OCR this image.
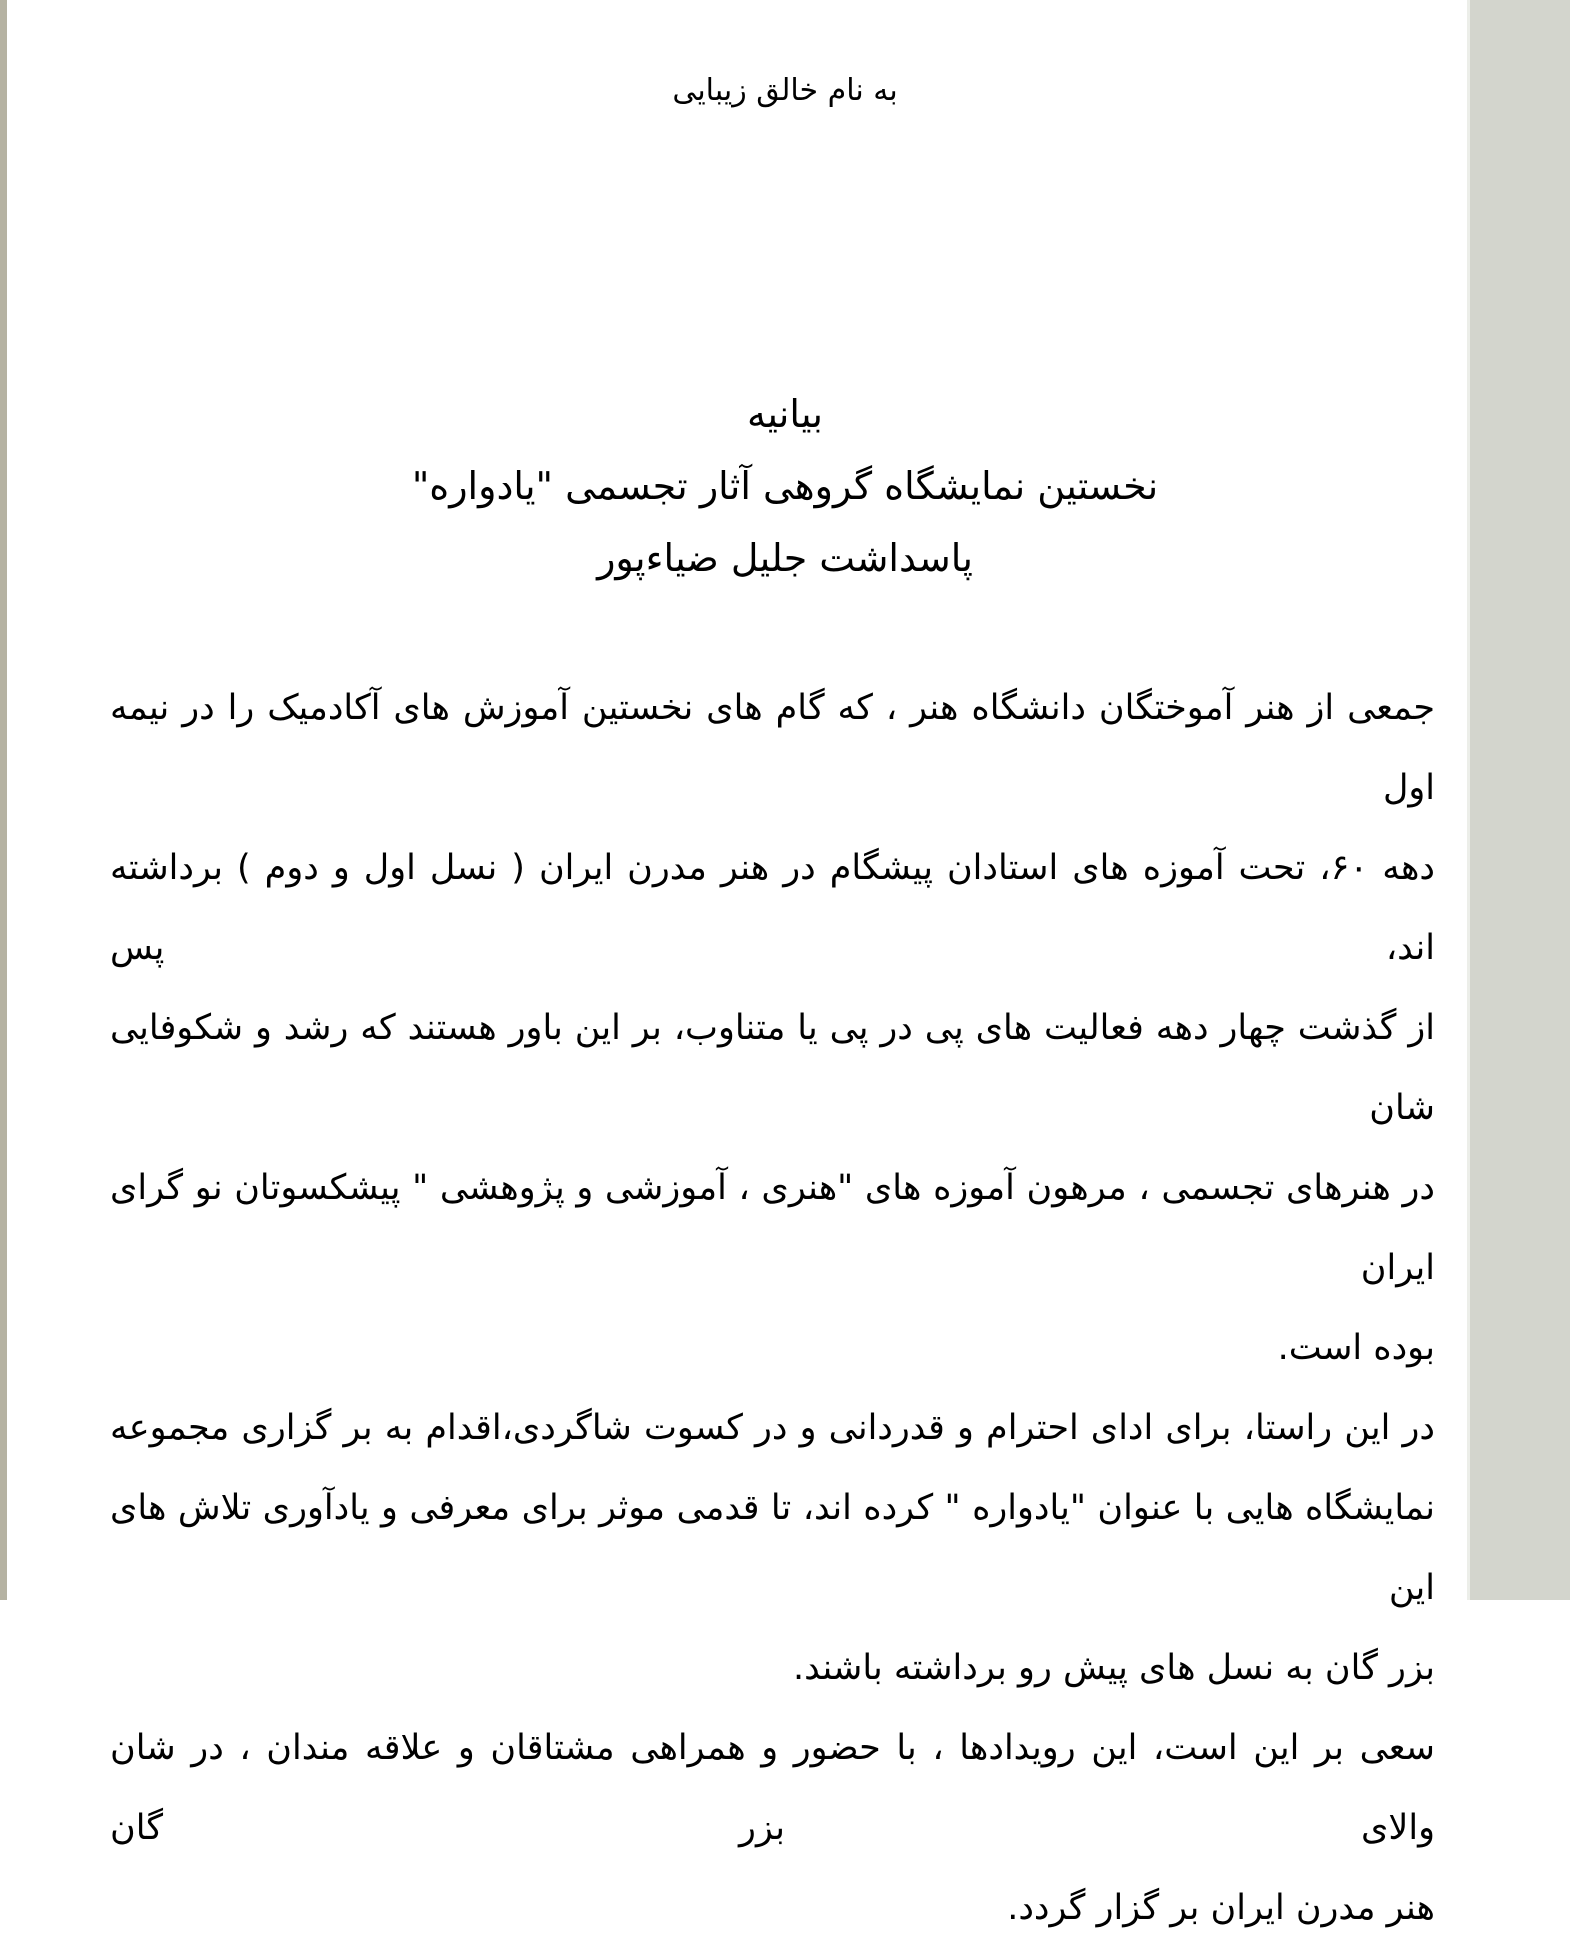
به نام خالق زیبایی
بیانیه
نخستین نمایشگاه گروهی آثار تجسمی "یادواره"
پاسداشت جلیل ضیاءپور
جمعی از هنر آموختگان دانشگاه هنر ، که گام های نخستین آموزش های آکادمیک را در نیمه اول
دهه ۶۰، تحت آموزه های استادان پیشگام در هنر مدرن ایران ( نسل اول و دوم ) برداشته اند، پس
از گذشت چهار دهه فعالیت های پی در پی یا متناوب، بر این باور هستند که رشد و شکوفایی شان
در هنرهای تجسمی ، مرهون آموزه های "هنری ، آموزشی و پژوهشی " پیشکسوتان نو گرای ایران
بوده است.
در این راستا، برای ادای احترام و قدردانی و در کسوت شاگردی،اقدام به بر گزاری مجموعه
نمایشگاه هایی با عنوان "یادواره " کرده اند، تا قدمی موثر برای معرفی و یادآوری تلاش های این
بزر گان به نسل های پیش رو برداشته باشند.
سعی بر این است، این رویدادها ، با حضور و همراهی مشتاقان و علاقه مندان ، در شان والای بزر گان
هنر مدرن ایران بر گزار گردد.
